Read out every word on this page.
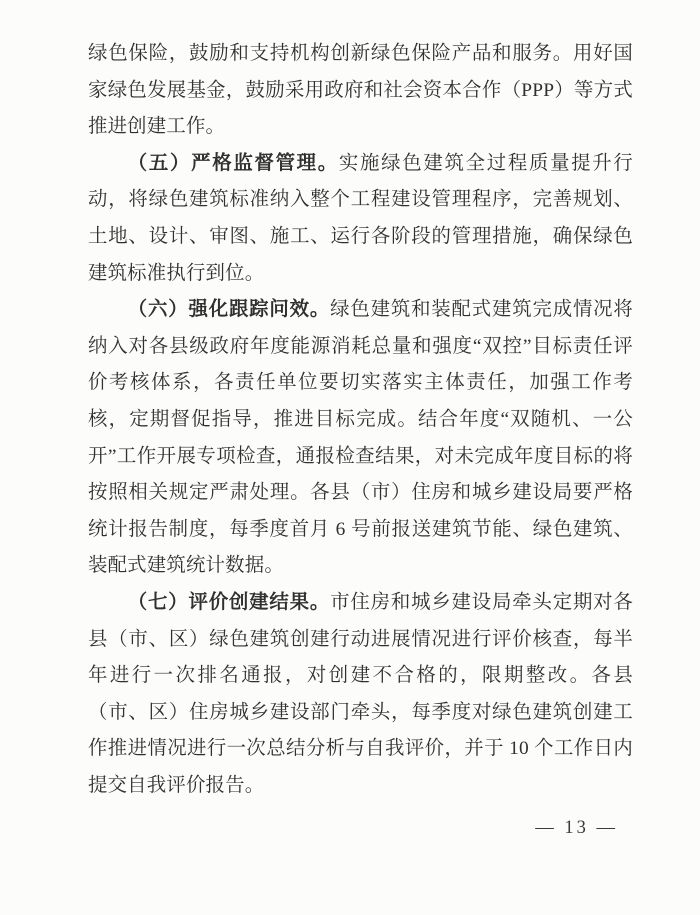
绿色保险，鼓励和支持机构创新绿色保险产品和服务。用好国家绿色发展基金，鼓励采用政府和社会资本合作（PPP）等方式推进创建工作。

（五）严格监督管理。实施绿色建筑全过程质量提升行动，将绿色建筑标准纳入整个工程建设管理程序，完善规划、土地、设计、审图、施工、运行各阶段的管理措施，确保绿色建筑标准执行到位。

（六）强化跟踪问效。绿色建筑和装配式建筑完成情况将纳入对各县级政府年度能源消耗总量和强度“双控”目标责任评价考核体系，各责任单位要切实落实主体责任，加强工作考核，定期督促指导，推进目标完成。结合年度“双随机、一公开”工作开展专项检查，通报检查结果，对未完成年度目标的将按照相关规定严肃处理。各县（市）住房和城乡建设局要严格统计报告制度，每季度首月 6 号前报送建筑节能、绿色建筑、装配式建筑统计数据。

（七）评价创建结果。市住房和城乡建设局牵头定期对各县（市、区）绿色建筑创建行动进展情况进行评价核查，每半年进行一次排名通报，对创建不合格的，限期整改。各县（市、区）住房城乡建设部门牵头，每季度对绿色建筑创建工作推进情况进行一次总结分析与自我评价，并于 10 个工作日内提交自我评价报告。

— 13 —
